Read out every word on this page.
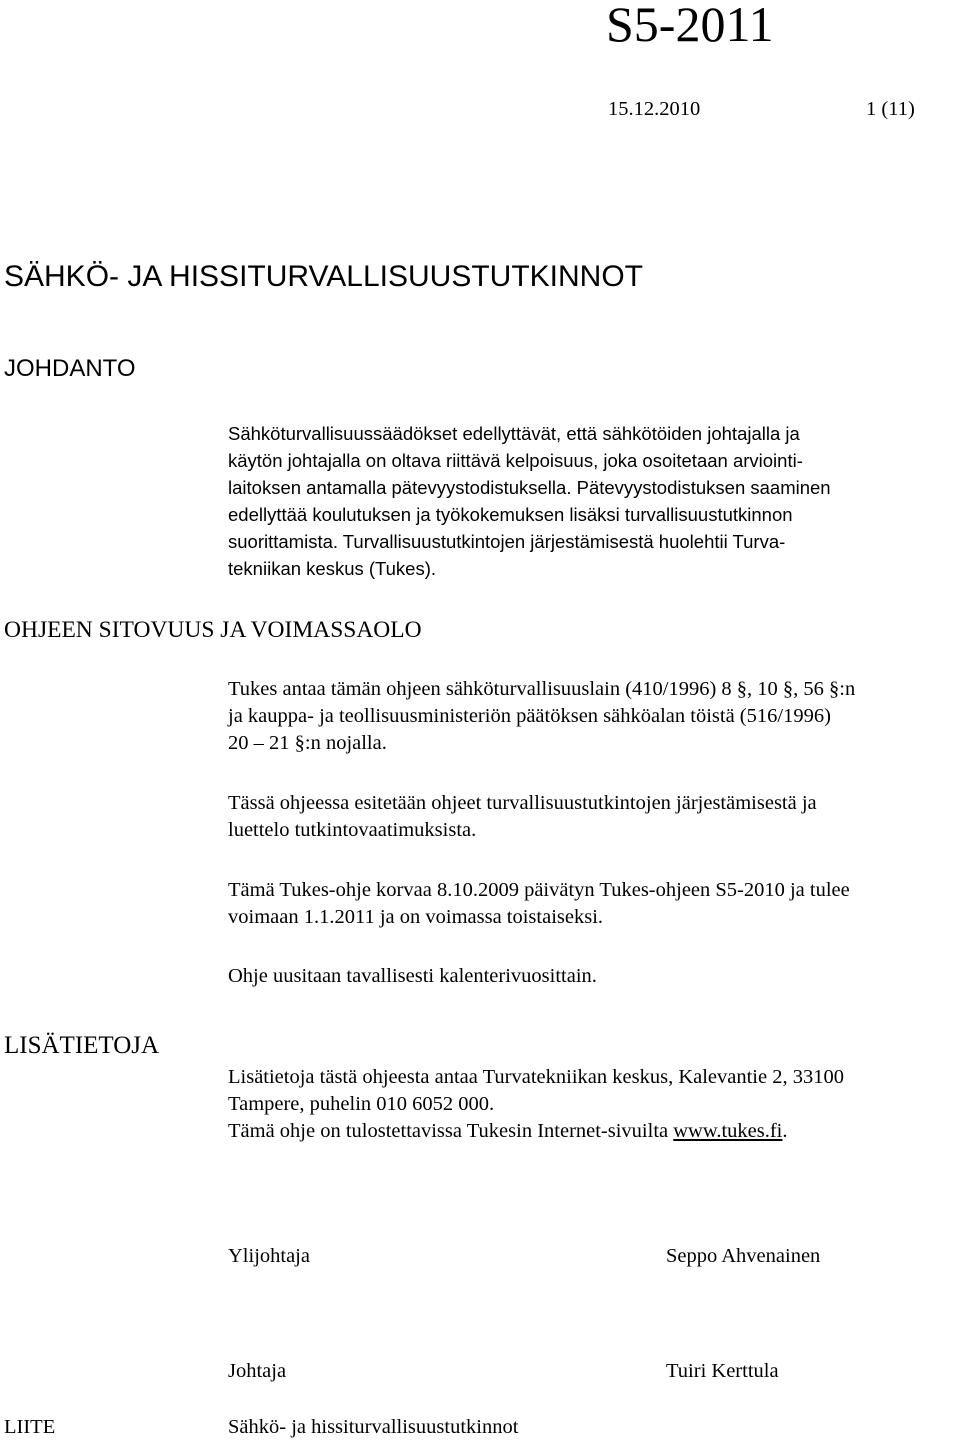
S5-2011
15.12.2010	1 (11)
SÄHKÖ- JA HISSITURVALLISUUSTUTKINNOT
JOHDANTO
Sähköturvallisuussäädökset edellyttävät, että sähkötöiden johtajalla ja
käytön johtajalla on oltava riittävä kelpoisuus, joka osoitetaan arviointi-
laitoksen antamalla pätevyystodistuksella. Pätevyystodistuksen saaminen
edellyttää koulutuksen ja työkokemuksen lisäksi turvallisuustutkinnon
suorittamista. Turvallisuustutkintojen järjestämisestä huolehtii Turva-
tekniikan keskus (Tukes).
OHJEEN SITOVUUS JA VOIMASSAOLO
Tukes antaa tämän ohjeen sähköturvallisuuslain (410/1996) 8 §, 10 §, 56 §:n
ja kauppa- ja teollisuusministeriön päätöksen sähköalan töistä (516/1996)
20 – 21 §:n nojalla.
Tässä ohjeessa esitetään ohjeet turvallisuustutkintojen järjestämisestä ja
luettelo tutkintovaatimuksista.
Tämä Tukes-ohje korvaa 8.10.2009 päivätyn Tukes-ohjeen S5-2010 ja tulee
voimaan 1.1.2011 ja on voimassa toistaiseksi.
Ohje uusitaan tavallisesti kalenterivuosittain.
LISÄTIETOJA
Lisätietoja tästä ohjeesta antaa Turvatekniikan keskus, Kalevantie 2, 33100
Tampere, puhelin 010 6052 000.
Tämä ohje on tulostettavissa Tukesin Internet-sivuilta www.tukes.fi.
Ylijohtaja	Seppo Ahvenainen
Johtaja	Tuiri Kerttula
LIITE	Sähkö- ja hissiturvallisuustutkinnot
